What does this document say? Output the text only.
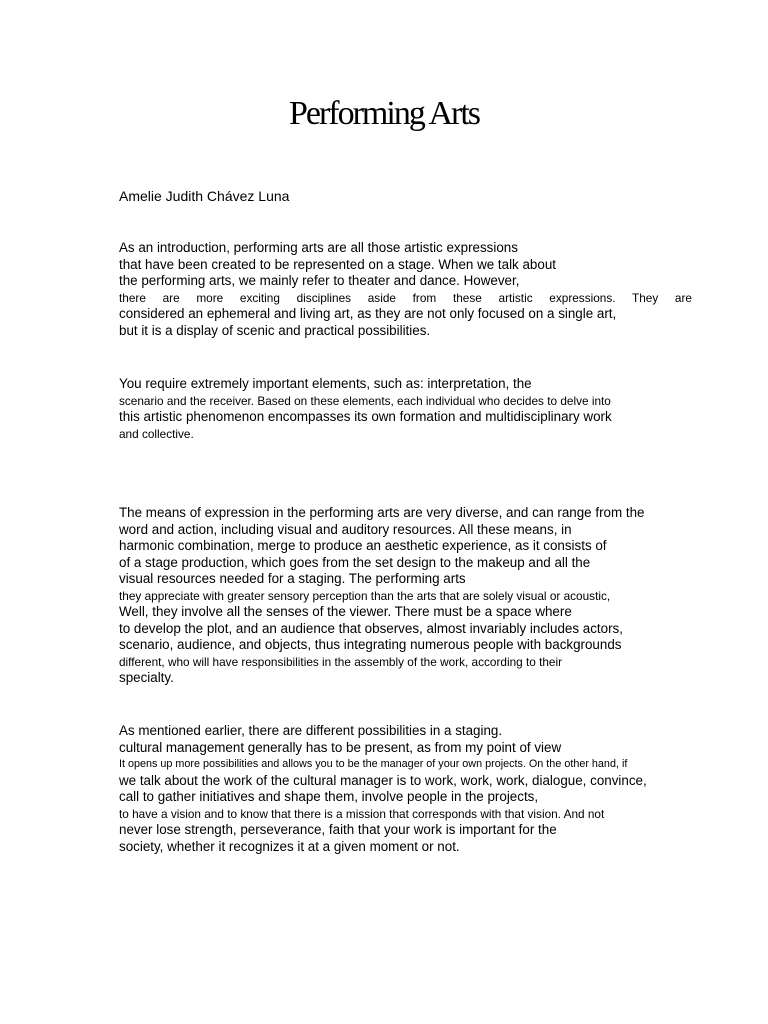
Performing Arts
Amelie Judith Chávez Luna
As an introduction, performing arts are all those artistic expressions
that have been created to be represented on a stage. When we talk about
the performing arts, we mainly refer to theater and dance. However,
there are more exciting disciplines aside from these artistic expressions. They are
considered an ephemeral and living art, as they are not only focused on a single art,
but it is a display of scenic and practical possibilities.
You require extremely important elements, such as: interpretation, the
scenario and the receiver. Based on these elements, each individual who decides to delve into
this artistic phenomenon encompasses its own formation and multidisciplinary work
and collective.
The means of expression in the performing arts are very diverse, and can range from the
word and action, including visual and auditory resources. All these means, in
harmonic combination, merge to produce an aesthetic experience, as it consists of
of a stage production, which goes from the set design to the makeup and all the
visual resources needed for a staging. The performing arts
they appreciate with greater sensory perception than the arts that are solely visual or acoustic,
Well, they involve all the senses of the viewer. There must be a space where
to develop the plot, and an audience that observes, almost invariably includes actors,
scenario, audience, and objects, thus integrating numerous people with backgrounds
different, who will have responsibilities in the assembly of the work, according to their
specialty.
As mentioned earlier, there are different possibilities in a staging.
cultural management generally has to be present, as from my point of view
It opens up more possibilities and allows you to be the manager of your own projects. On the other hand, if
we talk about the work of the cultural manager is to work, work, work, dialogue, convince,
call to gather initiatives and shape them, involve people in the projects,
to have a vision and to know that there is a mission that corresponds with that vision. And not
never lose strength, perseverance, faith that your work is important for the
society, whether it recognizes it at a given moment or not.
